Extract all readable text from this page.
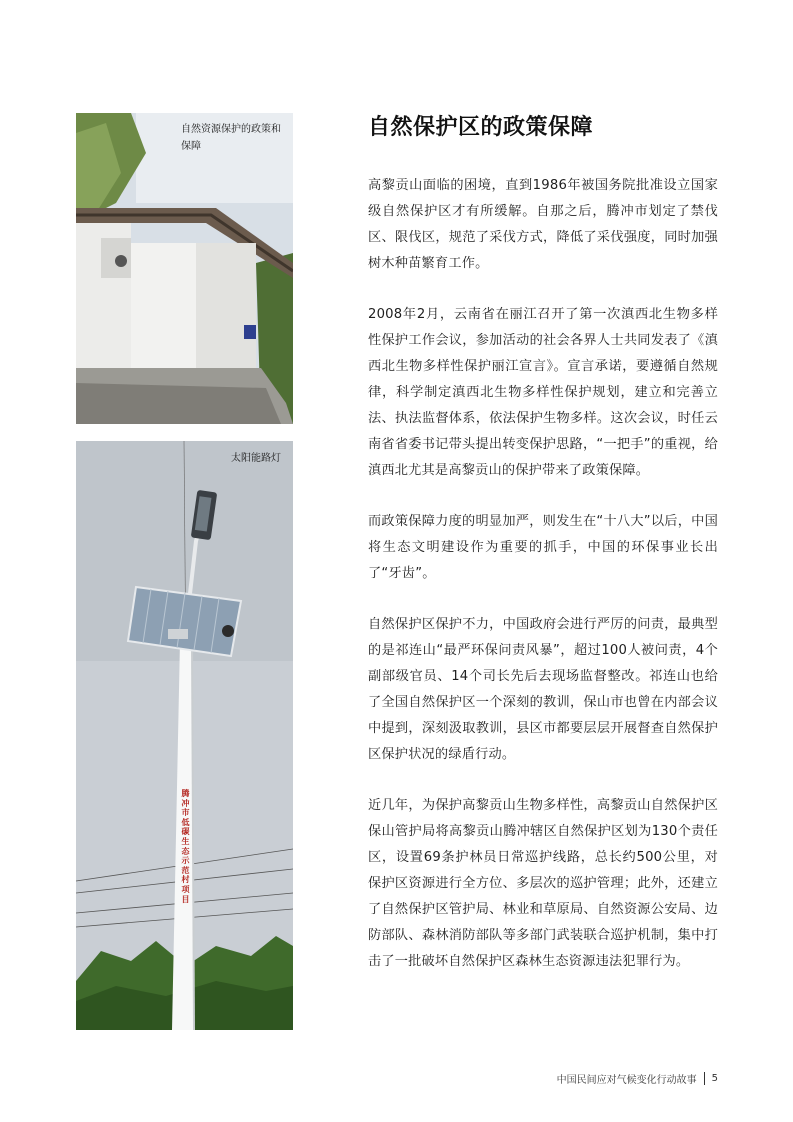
自然资源保护的政策和保障
太阳能路灯
腾冲市低碳生态示范村项目
自然保护区的政策保障

高黎贡山面临的困境，直到1986年被国务院批准设立国家级自然保护区才有所缓解。自那之后，腾冲市划定了禁伐区、限伐区，规范了采伐方式，降低了采伐强度，同时加强树木种苗繁育工作。

2008年2月，云南省在丽江召开了第一次滇西北生物多样性保护工作会议，参加活动的社会各界人士共同发表了《滇西北生物多样性保护丽江宣言》。宣言承诺，要遵循自然规律，科学制定滇西北生物多样性保护规划，建立和完善立法、执法监督体系，依法保护生物多样。这次会议，时任云南省省委书记带头提出转变保护思路，“一把手”的重视，给滇西北尤其是高黎贡山的保护带来了政策保障。

而政策保障力度的明显加严，则发生在“十八大”以后，中国将生态文明建设作为重要的抓手，中国的环保事业长出了“牙齿”。

自然保护区保护不力，中国政府会进行严厉的问责，最典型的是祁连山“最严环保问责风暴”，超过100人被问责，4个副部级官员、14个司长先后去现场监督整改。祁连山也给了全国自然保护区一个深刻的教训，保山市也曾在内部会议中提到，深刻汲取教训，县区市都要层层开展督查自然保护区保护状况的绿盾行动。

近几年，为保护高黎贡山生物多样性，高黎贡山自然保护区保山管护局将高黎贡山腾冲辖区自然保护区划为130个责任区，设置69条护林员日常巡护线路，总长约500公里，对保护区资源进行全方位、多层次的巡护管理；此外，还建立了自然保护区管护局、林业和草原局、自然资源公安局、边防部队、森林消防部队等多部门武装联合巡护机制，集中打击了一批破坏自然保护区森林生态资源违法犯罪行为。

中国民间应对气候变化行动故事 5
